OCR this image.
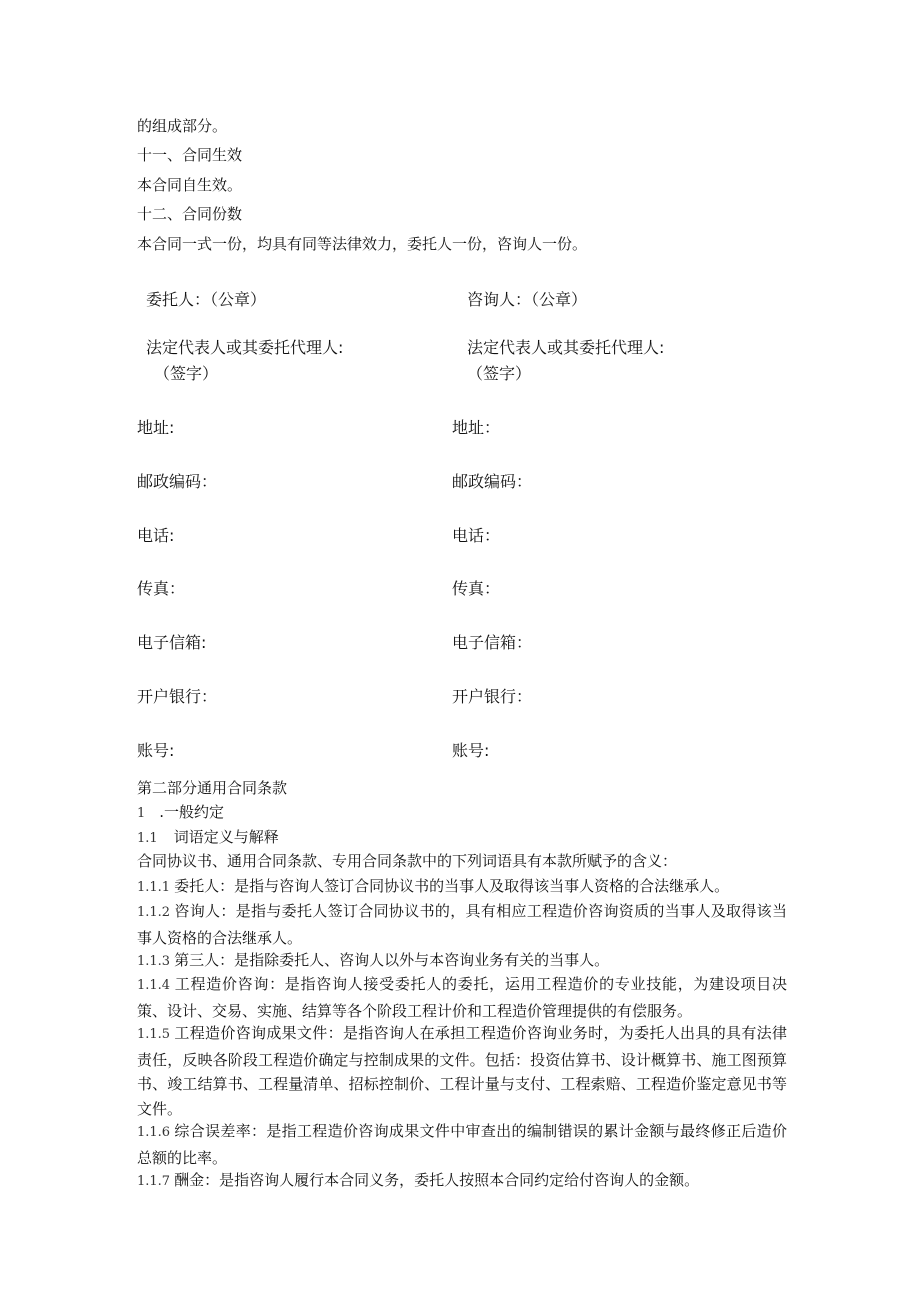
的组成部分。
十一、合同生效
本合同自生效。
十二、合同份数
本合同一式一份，均具有同等法律效力，委托人一份，咨询人一份。
委托人：（公章）
法定代表人或其委托代理人:
（签字）
地址:
邮政编码：
电话:
传真：
电子信箱:
开户银行：
账号:
咨询人：（公章）
法定代表人或其委托代理人:
（签字）
地址：
邮政编码：
电话：
传真：
电子信箱：
开户银行：
账号:
第二部分通用合同条款
1 .一般约定
1.1 词语定义与解释
合同协议书、通用合同条款、专用合同条款中的下列词语具有本款所赋予的含义：
1.1.1 委托人：是指与咨询人签订合同协议书的当事人及取得该当事人资格的合法继承人。
1.1.2 咨询人：是指与委托人签订合同协议书的，具有相应工程造价咨询资质的当事人及取得该当事人资格的合法继承人。
1.1.3 第三人：是指除委托人、咨询人以外与本咨询业务有关的当事人。
1.1.4 工程造价咨询：是指咨询人接受委托人的委托，运用工程造价的专业技能，为建设项目决策、设计、交易、实施、结算等各个阶段工程计价和工程造价管理提供的有偿服务。
1.1.5 工程造价咨询成果文件：是指咨询人在承担工程造价咨询业务时，为委托人出具的具有法律责任，反映各阶段工程造价确定与控制成果的文件。包括：投资估算书、设计概算书、施工图预算书、竣工结算书、工程量清单、招标控制价、工程计量与支付、工程索赔、工程造价鉴定意见书等文件。
1.1.6 综合误差率：是指工程造价咨询成果文件中审查出的编制错误的累计金额与最终修正后造价总额的比率。
1.1.7 酬金：是指咨询人履行本合同义务，委托人按照本合同约定给付咨询人的金额。
